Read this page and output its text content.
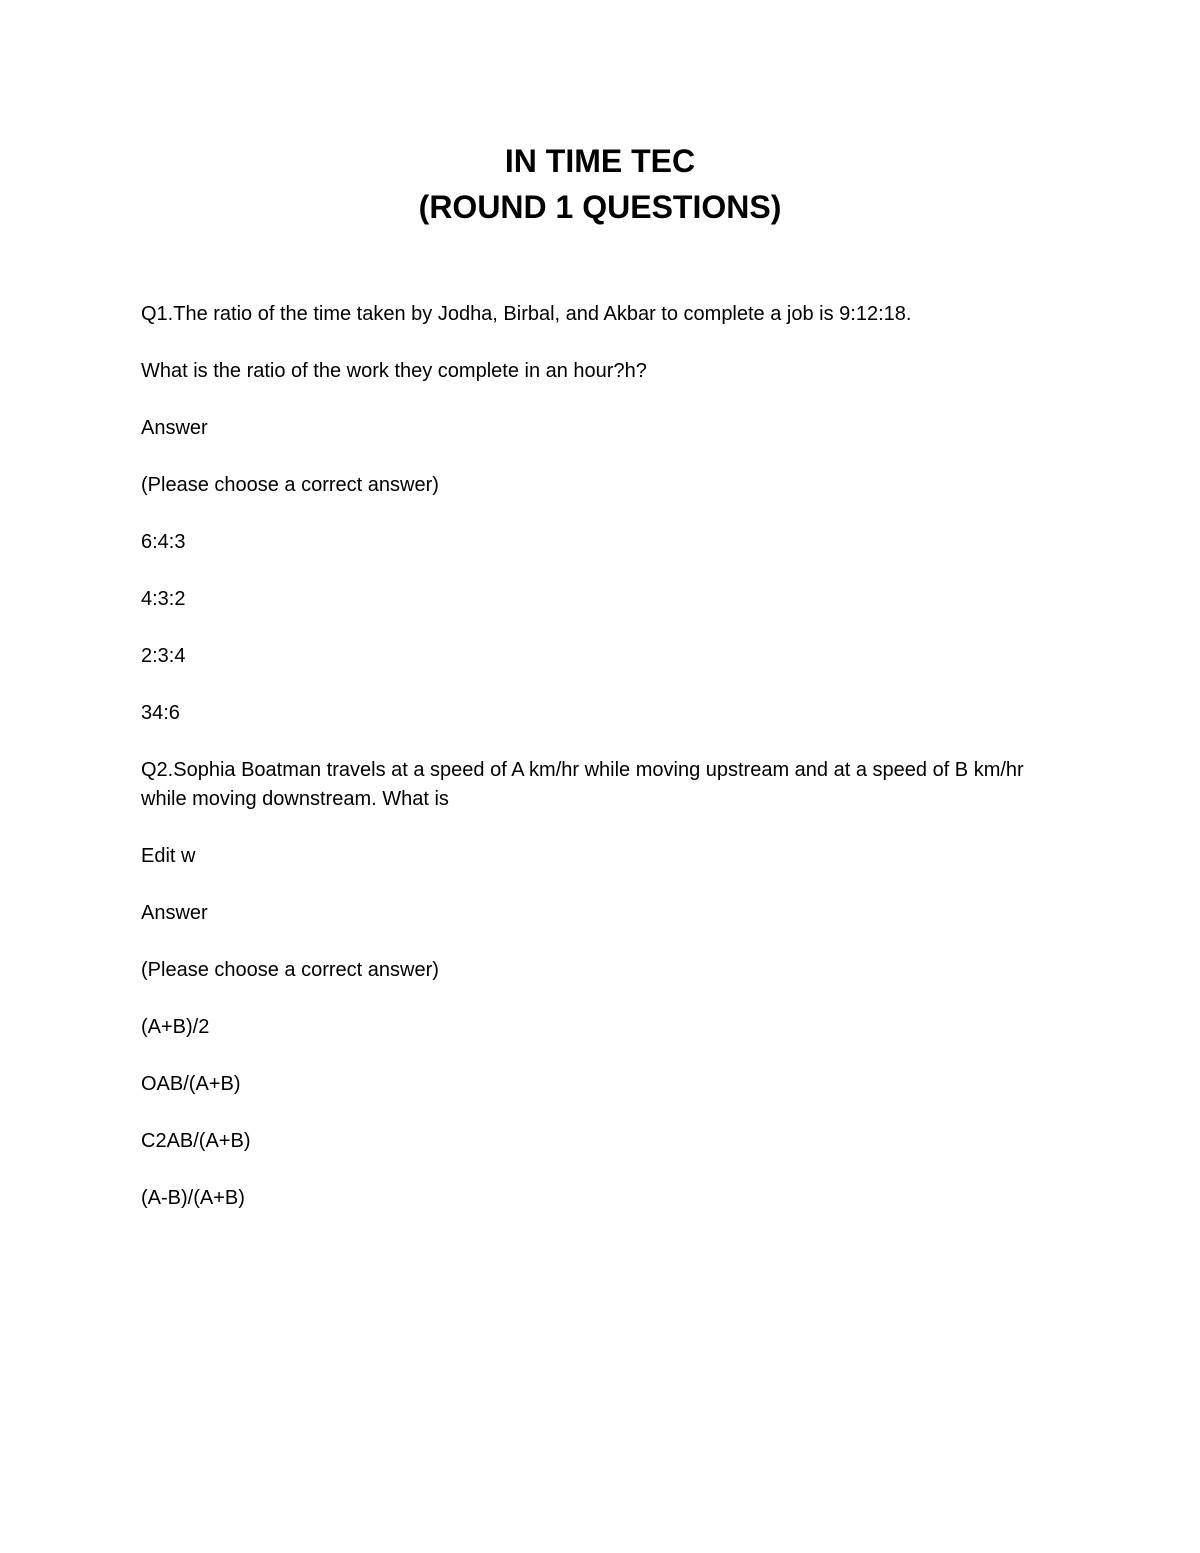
IN TIME TEC
(ROUND 1 QUESTIONS)

Q1.The ratio of the time taken by Jodha, Birbal, and Akbar to complete a job is 9:12:18.

What is the ratio of the work they complete in an hour?h?

Answer

(Please choose a correct answer)

6:4:3

4:3:2

2:3:4

34:6

Q2.Sophia Boatman travels at a speed of A km/hr while moving upstream and at a speed of B km/hr while moving downstream. What is

Edit w

Answer

(Please choose a correct answer)

(A+B)/2

OAB/(A+B)

C2AB/(A+B)

(A-B)/(A+B)
